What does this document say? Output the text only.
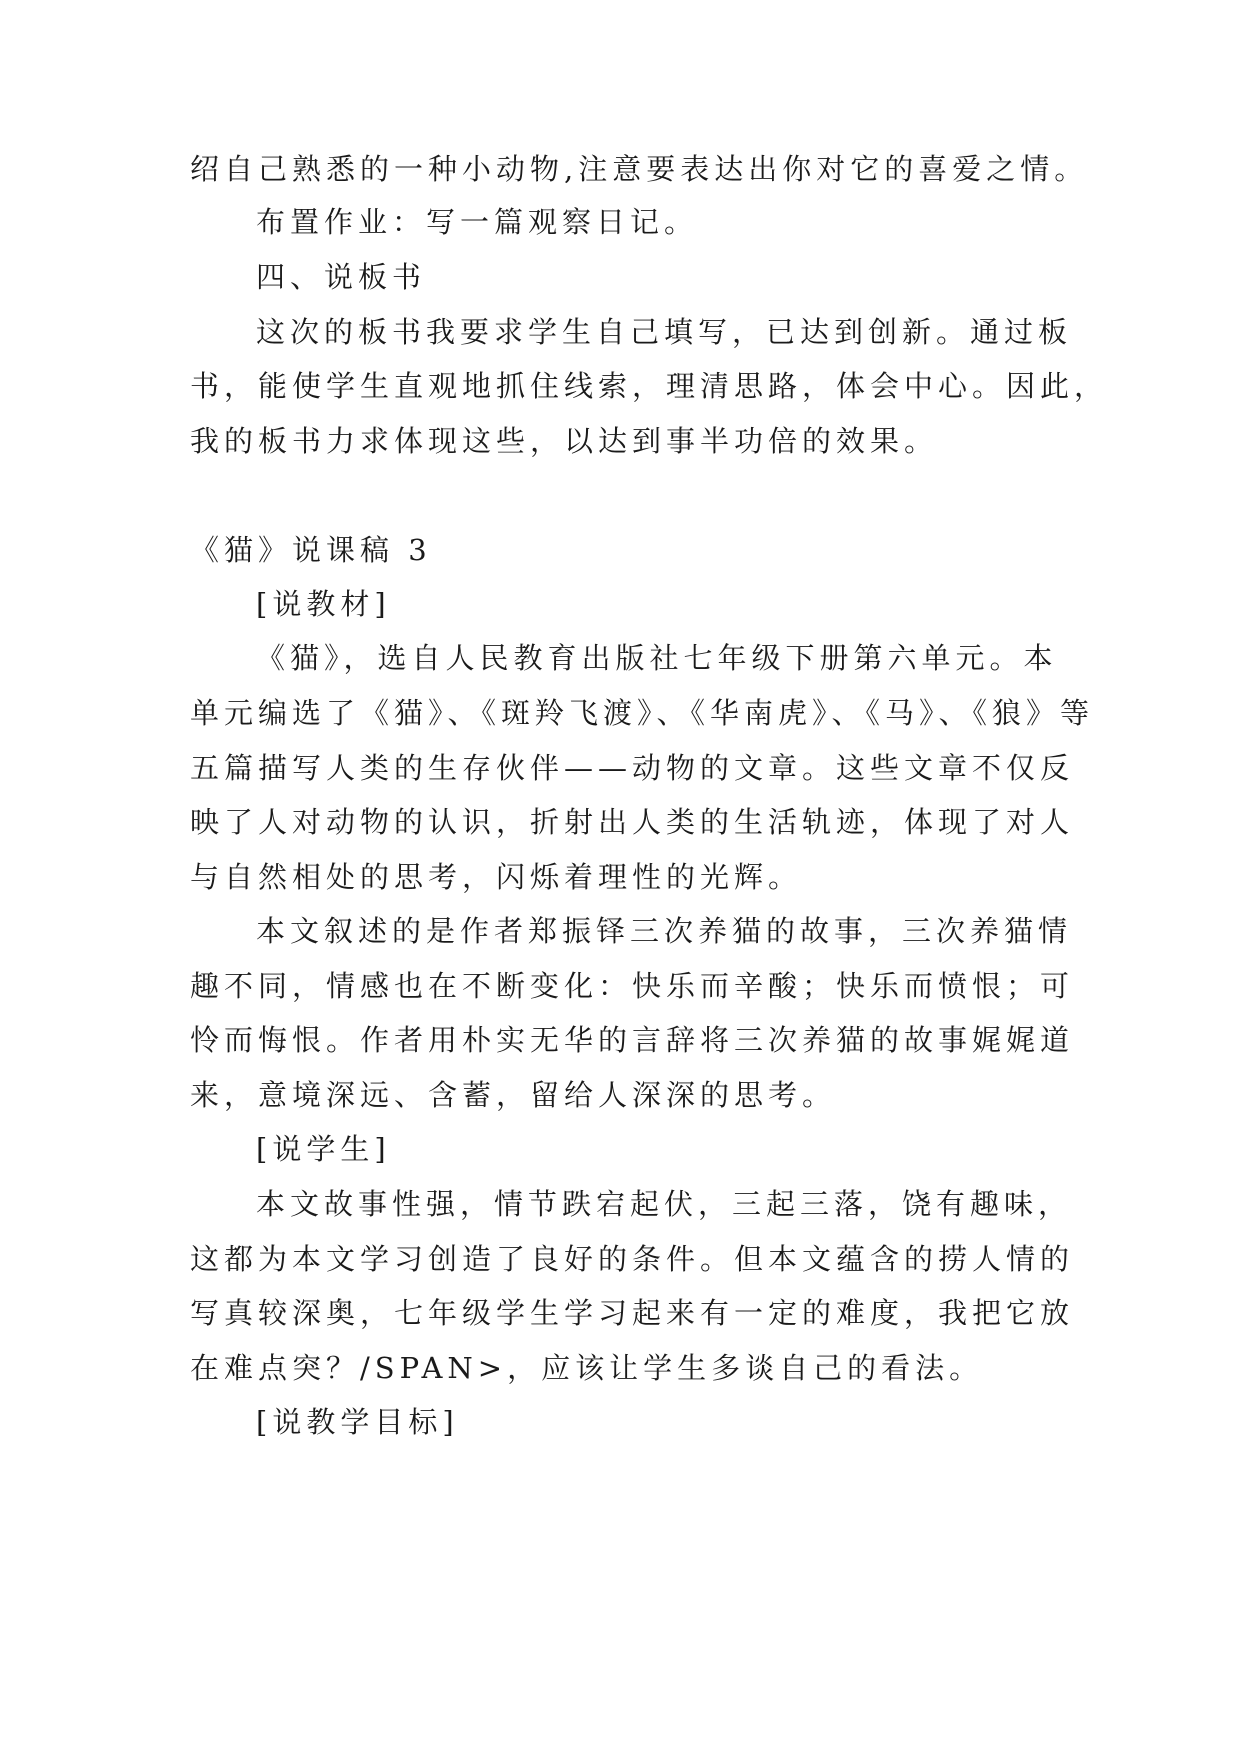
绍自己熟悉的一种小动物,注意要表达出你对它的喜爱之情。
布置作业：写一篇观察日记。
四、说板书
这次的板书我要求学生自己填写，已达到创新。通过板
书，能使学生直观地抓住线索，理清思路，体会中心。因此，
我的板书力求体现这些，以达到事半功倍的效果。
《猫》说课稿 3
[说教材]
《猫》，选自人民教育出版社七年级下册第六单元。本
单元编选了《猫》、《斑羚飞渡》、《华南虎》、《马》、《狼》等
五篇描写人类的生存伙伴——动物的文章。这些文章不仅反
映了人对动物的认识，折射出人类的生活轨迹，体现了对人
与自然相处的思考，闪烁着理性的光辉。
本文叙述的是作者郑振铎三次养猫的故事，三次养猫情
趣不同，情感也在不断变化：快乐而辛酸；快乐而愤恨；可
怜而悔恨。作者用朴实无华的言辞将三次养猫的故事娓娓道
来，意境深远、含蓄，留给人深深的思考。
[说学生]
本文故事性强，情节跌宕起伏，三起三落，饶有趣味，
这都为本文学习创造了良好的条件。但本文蕴含的捞人情的
写真较深奥，七年级学生学习起来有一定的难度，我把它放
在难点突？/SPAN>，应该让学生多谈自己的看法。
[说教学目标]
